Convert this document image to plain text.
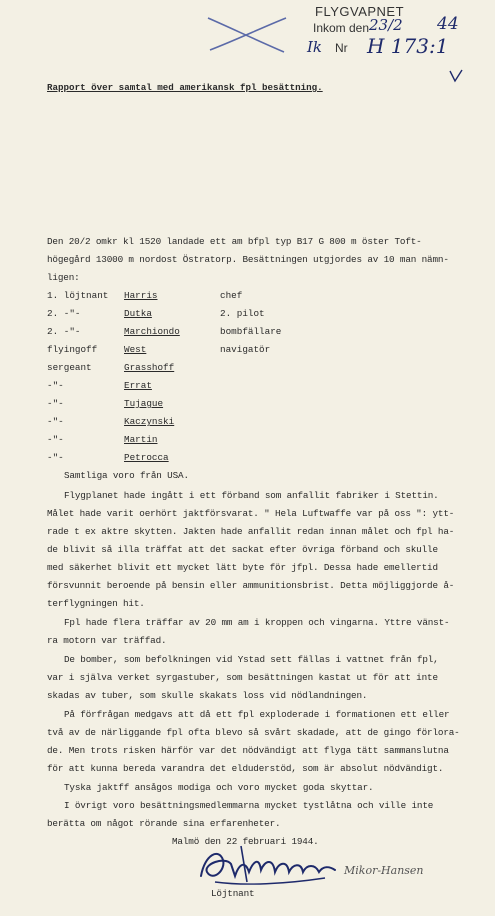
FLYGVAPNET
Inkom den 23/2 44
Ik Nr H 173:1
Rapport över samtal med amerikansk fpl besättning.
Den 20/2 omkr kl 1520 landade ett am bfpl typ B17 G 800 m öster Toft-
högegård 13000 m nordost Östratorp. Besättningen utgjordes av 10 man nämn-
ligen:
1. löjtnant Harris	chef
2. -"-	Dutka	2. pilot
2. -"-	Marchiondo	bombfällare
flyingoff	West	navigatör
sergeant	Grasshoff
-"-	Errat
-"-	Tujague
-"-	Kaczynski
-"-	Martin
-"-	Petrocca
Samtliga voro från USA.
Flygplanet hade ingått i ett förband som anfallit fabriker i Stettin.
Målet hade varit oerhört jaktförsvarat. " Hela Luftwaffe var på oss ": ytt-
rade t ex aktre skytten. Jakten hade anfallit redan innan målet och fpl ha-
de blivit så illa träffat att det sackat efter övriga förband och skulle
med säkerhet blivit ett mycket lätt byte för jfpl. Dessa hade emellertid
försvunnit beroende på bensin eller ammunitionsbrist. Detta möjliggjorde å-
terflygningen hit.
Fpl hade flera träffar av 20 mm am i kroppen och vingarna. Yttre vänst-
ra motorn var träffad.
De bomber, som befolkningen vid Ystad sett fällas i vattnet från fpl,
var i själva verket syrgastuber, som besättningen kastat ut för att inte
skadas av tuber, som skulle skakats loss vid nödlandningen.
På förfrågan medgavs att då ett fpl exploderade i formationen ett eller
två av de närliggande fpl ofta blevo så svårt skadade, att de gingo förlora-
de. Men trots risken härför var det nödvändigt att flyga tätt sammanslutna
för att kunna bereda varandra det elduderstöd, som är absolut nödvändigt.
Tyska jaktff ansågos modiga och voro mycket goda skyttar.
I övrigt voro besättningsmedlemmarna mycket tystlåtna och ville inte
berätta om något rörande sina erfarenheter.
Malmö den 22 februari 1944.
Mikor-Hansen
Löjtnant
